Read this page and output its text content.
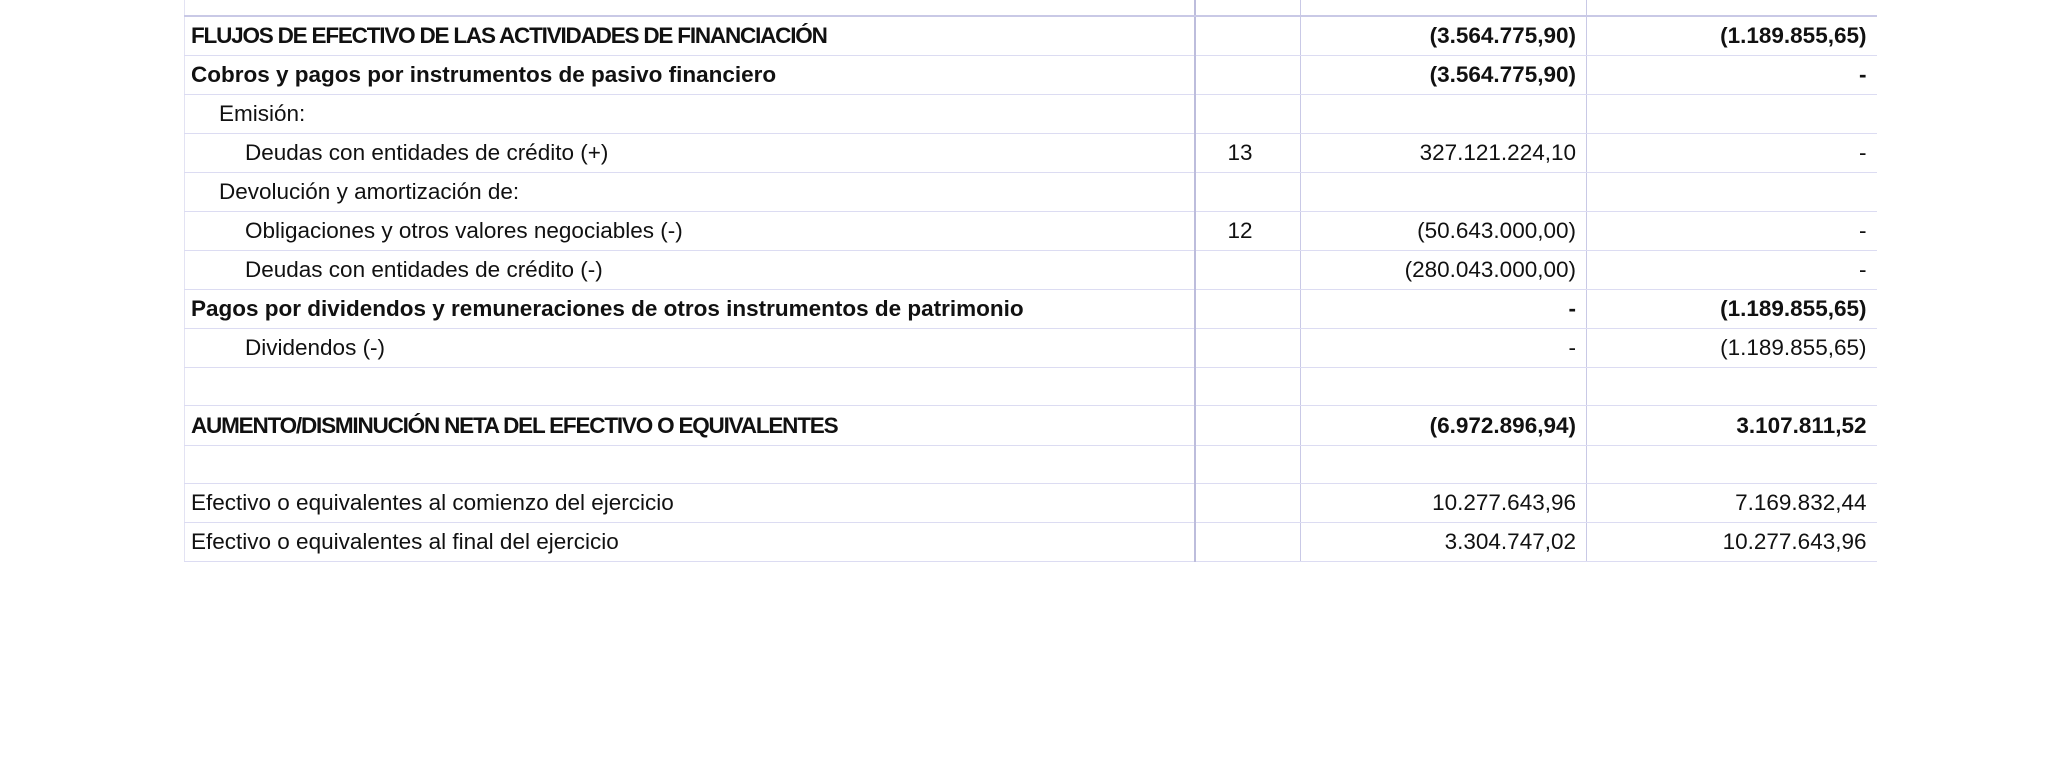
FLUJOS DE EFECTIVO DE LAS ACTIVIDADES DE FINANCIACIÓN		(3.564.775,90)	(1.189.855,65)
Cobros y pagos por instrumentos de pasivo financiero		(3.564.775,90)	-
Emisión:			
Deudas con entidades de crédito (+)	13	327.121.224,10	-
Devolución y amortización de:			
Obligaciones y otros valores negociables (-)	12	(50.643.000,00)	-
Deudas con entidades de crédito (-)		(280.043.000,00)	-
Pagos por dividendos y remuneraciones de otros instrumentos de patrimonio		-	(1.189.855,65)
Dividendos (-)		-	(1.189.855,65)

AUMENTO/DISMINUCIÓN NETA DEL EFECTIVO O EQUIVALENTES		(6.972.896,94)	3.107.811,52

Efectivo o equivalentes al comienzo del ejercicio		10.277.643,96	7.169.832,44
Efectivo o equivalentes al final del ejercicio		3.304.747,02	10.277.643,96
